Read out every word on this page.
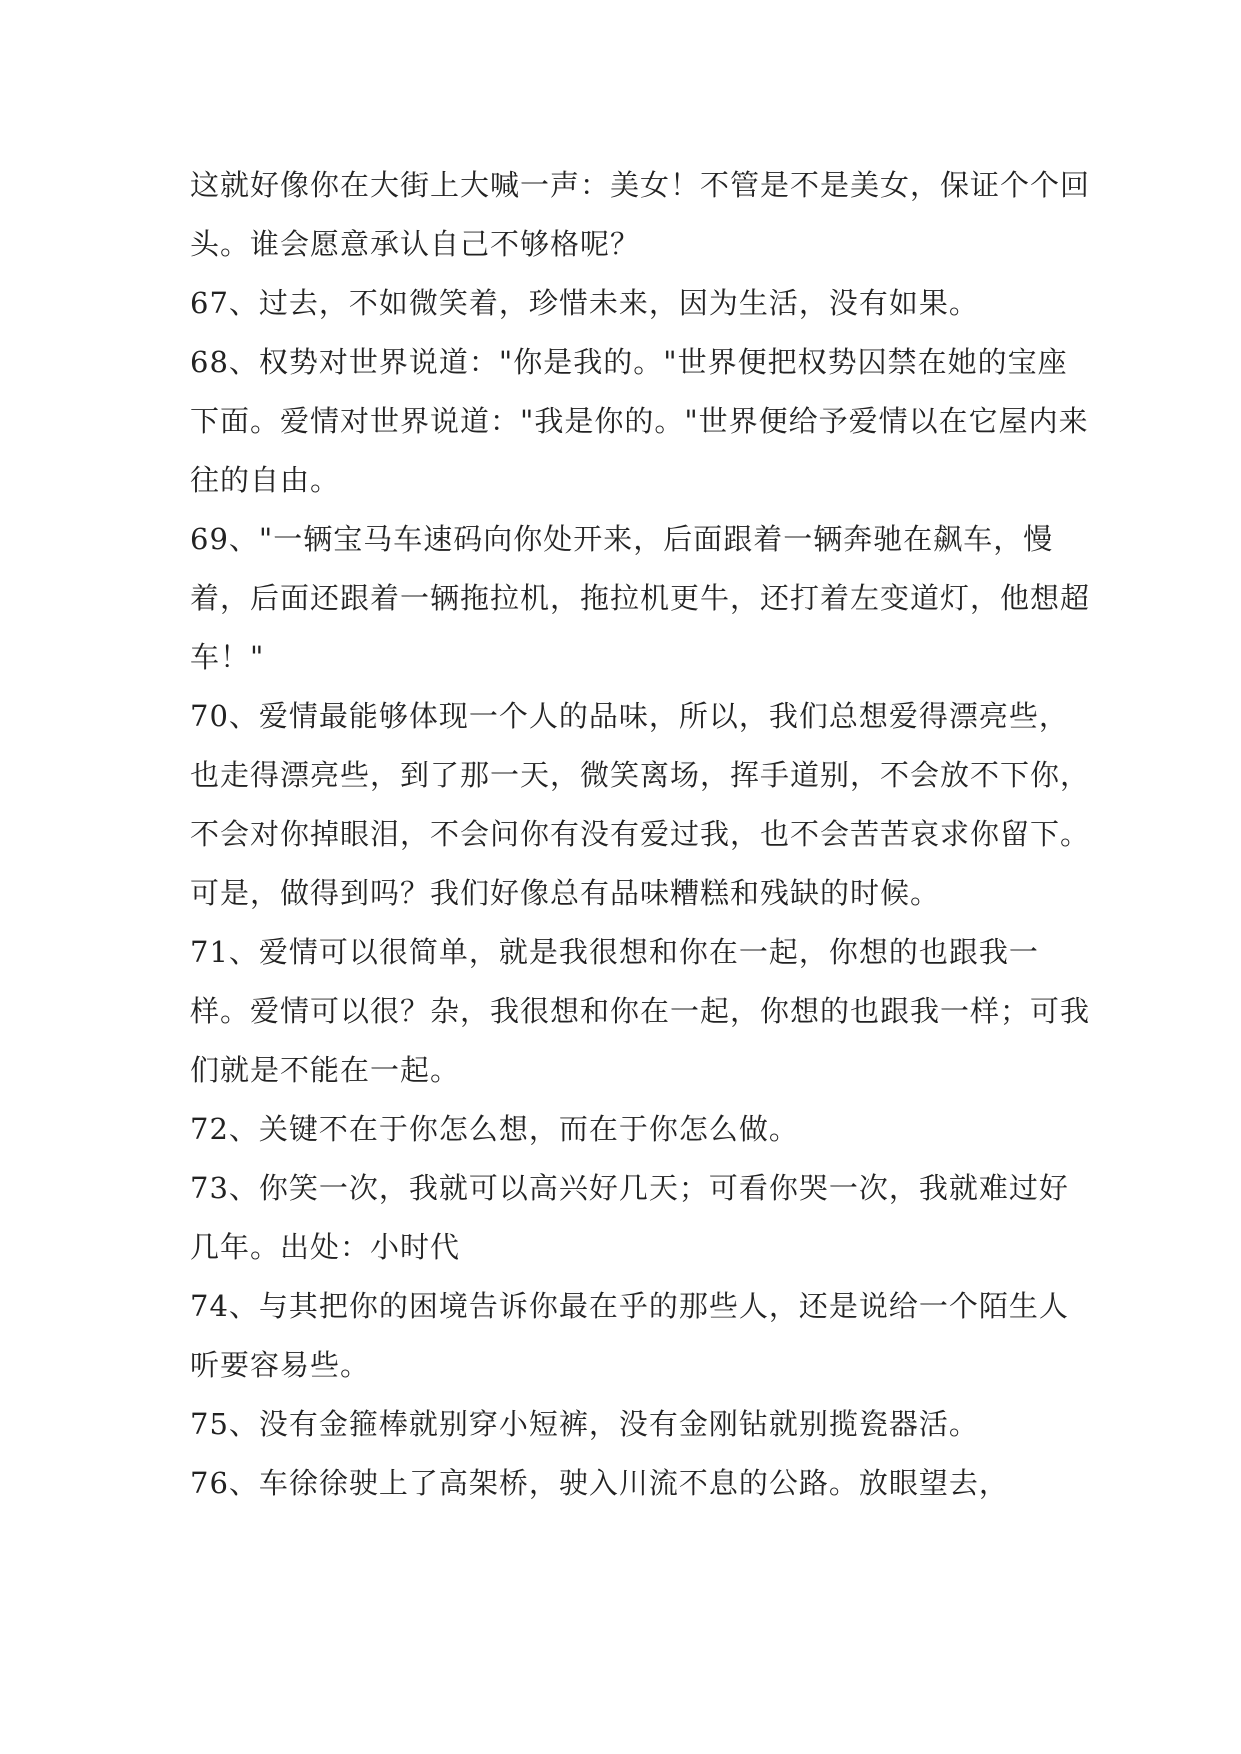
这就好像你在大街上大喊一声：美女！不管是不是美女，保证个个回头。谁会愿意承认自己不够格呢？

67、过去，不如微笑着，珍惜未来，因为生活，没有如果。

68、权势对世界说道："你是我的。"世界便把权势囚禁在她的宝座下面。爱情对世界说道："我是你的。"世界便给予爱情以在它屋内来往的自由。

69、"一辆宝马车速码向你处开来，后面跟着一辆奔驰在飙车，慢着，后面还跟着一辆拖拉机，拖拉机更牛，还打着左变道灯，他想超车！"

70、爱情最能够体现一个人的品味，所以，我们总想爱得漂亮些，也走得漂亮些，到了那一天，微笑离场，挥手道别，不会放不下你，不会对你掉眼泪，不会问你有没有爱过我，也不会苦苦哀求你留下。可是，做得到吗？我们好像总有品味糟糕和残缺的时候。

71、爱情可以很简单，就是我很想和你在一起，你想的也跟我一样。爱情可以很？杂，我很想和你在一起，你想的也跟我一样；可我们就是不能在一起。

72、关键不在于你怎么想，而在于你怎么做。

73、你笑一次，我就可以高兴好几天；可看你哭一次，我就难过好几年。出处：小时代

74、与其把你的困境告诉你最在乎的那些人，还是说给一个陌生人听要容易些。

75、没有金箍棒就别穿小短裤，没有金刚钻就别揽瓷器活。

76、车徐徐驶上了高架桥，驶入川流不息的公路。放眼望去，
